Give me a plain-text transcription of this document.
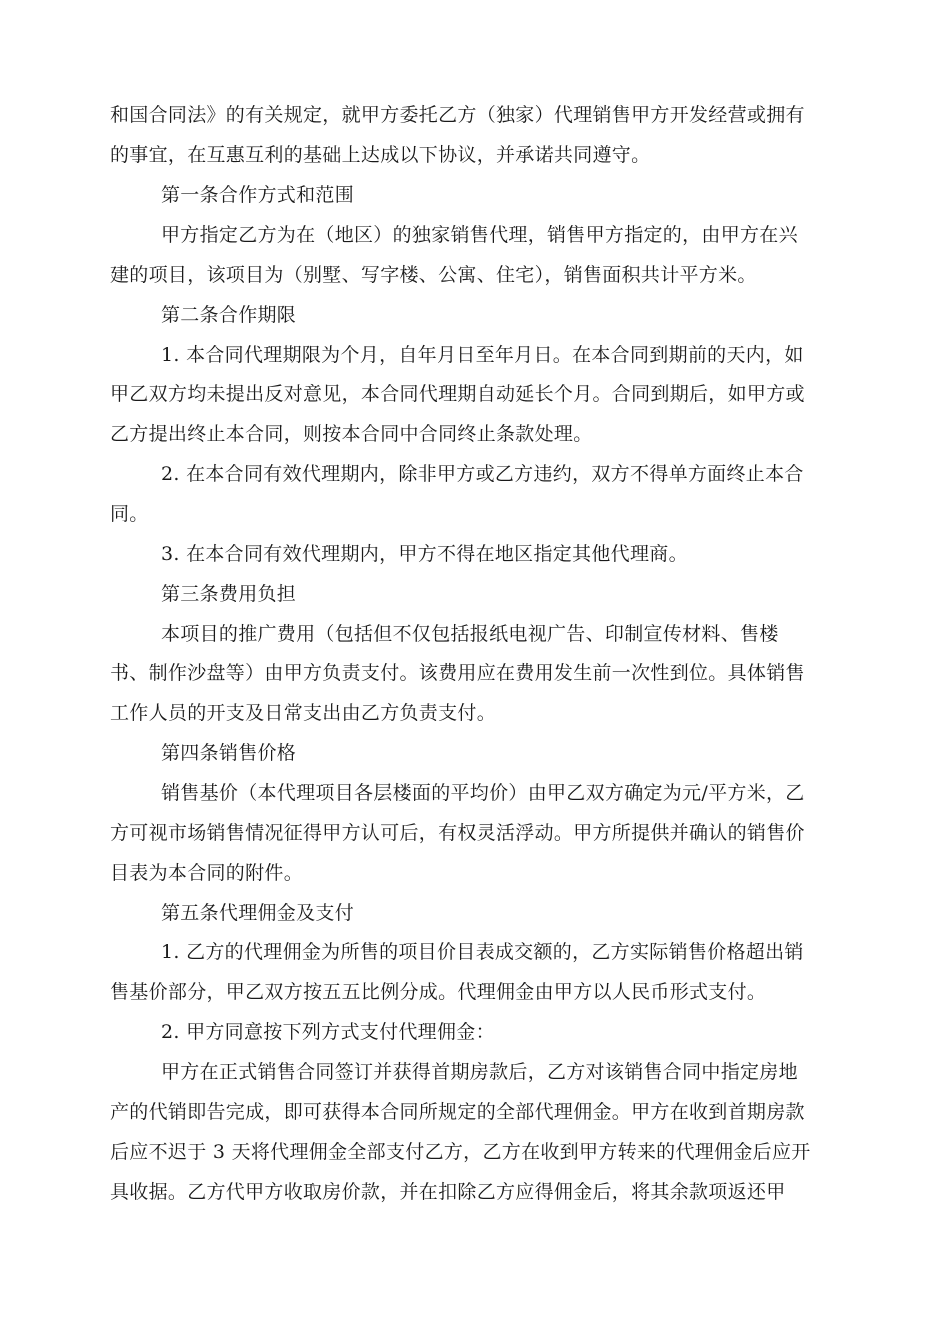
和国合同法》的有关规定，就甲方委托乙方（独家）代理销售甲方开发经营或拥有
的事宜，在互惠互利的基础上达成以下协议，并承诺共同遵守。
第一条合作方式和范围
甲方指定乙方为在（地区）的独家销售代理，销售甲方指定的，由甲方在兴
建的项目，该项目为（别墅、写字楼、公寓、住宅），销售面积共计平方米。
第二条合作期限
1. 本合同代理期限为个月，自年月日至年月日。在本合同到期前的天内，如
甲乙双方均未提出反对意见，本合同代理期自动延长个月。合同到期后，如甲方或
乙方提出终止本合同，则按本合同中合同终止条款处理。
2. 在本合同有效代理期内，除非甲方或乙方违约，双方不得单方面终止本合
同。
3. 在本合同有效代理期内，甲方不得在地区指定其他代理商。
第三条费用负担
本项目的推广费用（包括但不仅包括报纸电视广告、印制宣传材料、售楼
书、制作沙盘等）由甲方负责支付。该费用应在费用发生前一次性到位。具体销售
工作人员的开支及日常支出由乙方负责支付。
第四条销售价格
销售基价（本代理项目各层楼面的平均价）由甲乙双方确定为元/平方米，乙
方可视市场销售情况征得甲方认可后，有权灵活浮动。甲方所提供并确认的销售价
目表为本合同的附件。
第五条代理佣金及支付
1. 乙方的代理佣金为所售的项目价目表成交额的，乙方实际销售价格超出销
售基价部分，甲乙双方按五五比例分成。代理佣金由甲方以人民币形式支付。
2. 甲方同意按下列方式支付代理佣金：
甲方在正式销售合同签订并获得首期房款后，乙方对该销售合同中指定房地
产的代销即告完成，即可获得本合同所规定的全部代理佣金。甲方在收到首期房款
后应不迟于 3 天将代理佣金全部支付乙方，乙方在收到甲方转来的代理佣金后应开
具收据。乙方代甲方收取房价款，并在扣除乙方应得佣金后，将其余款项返还甲
